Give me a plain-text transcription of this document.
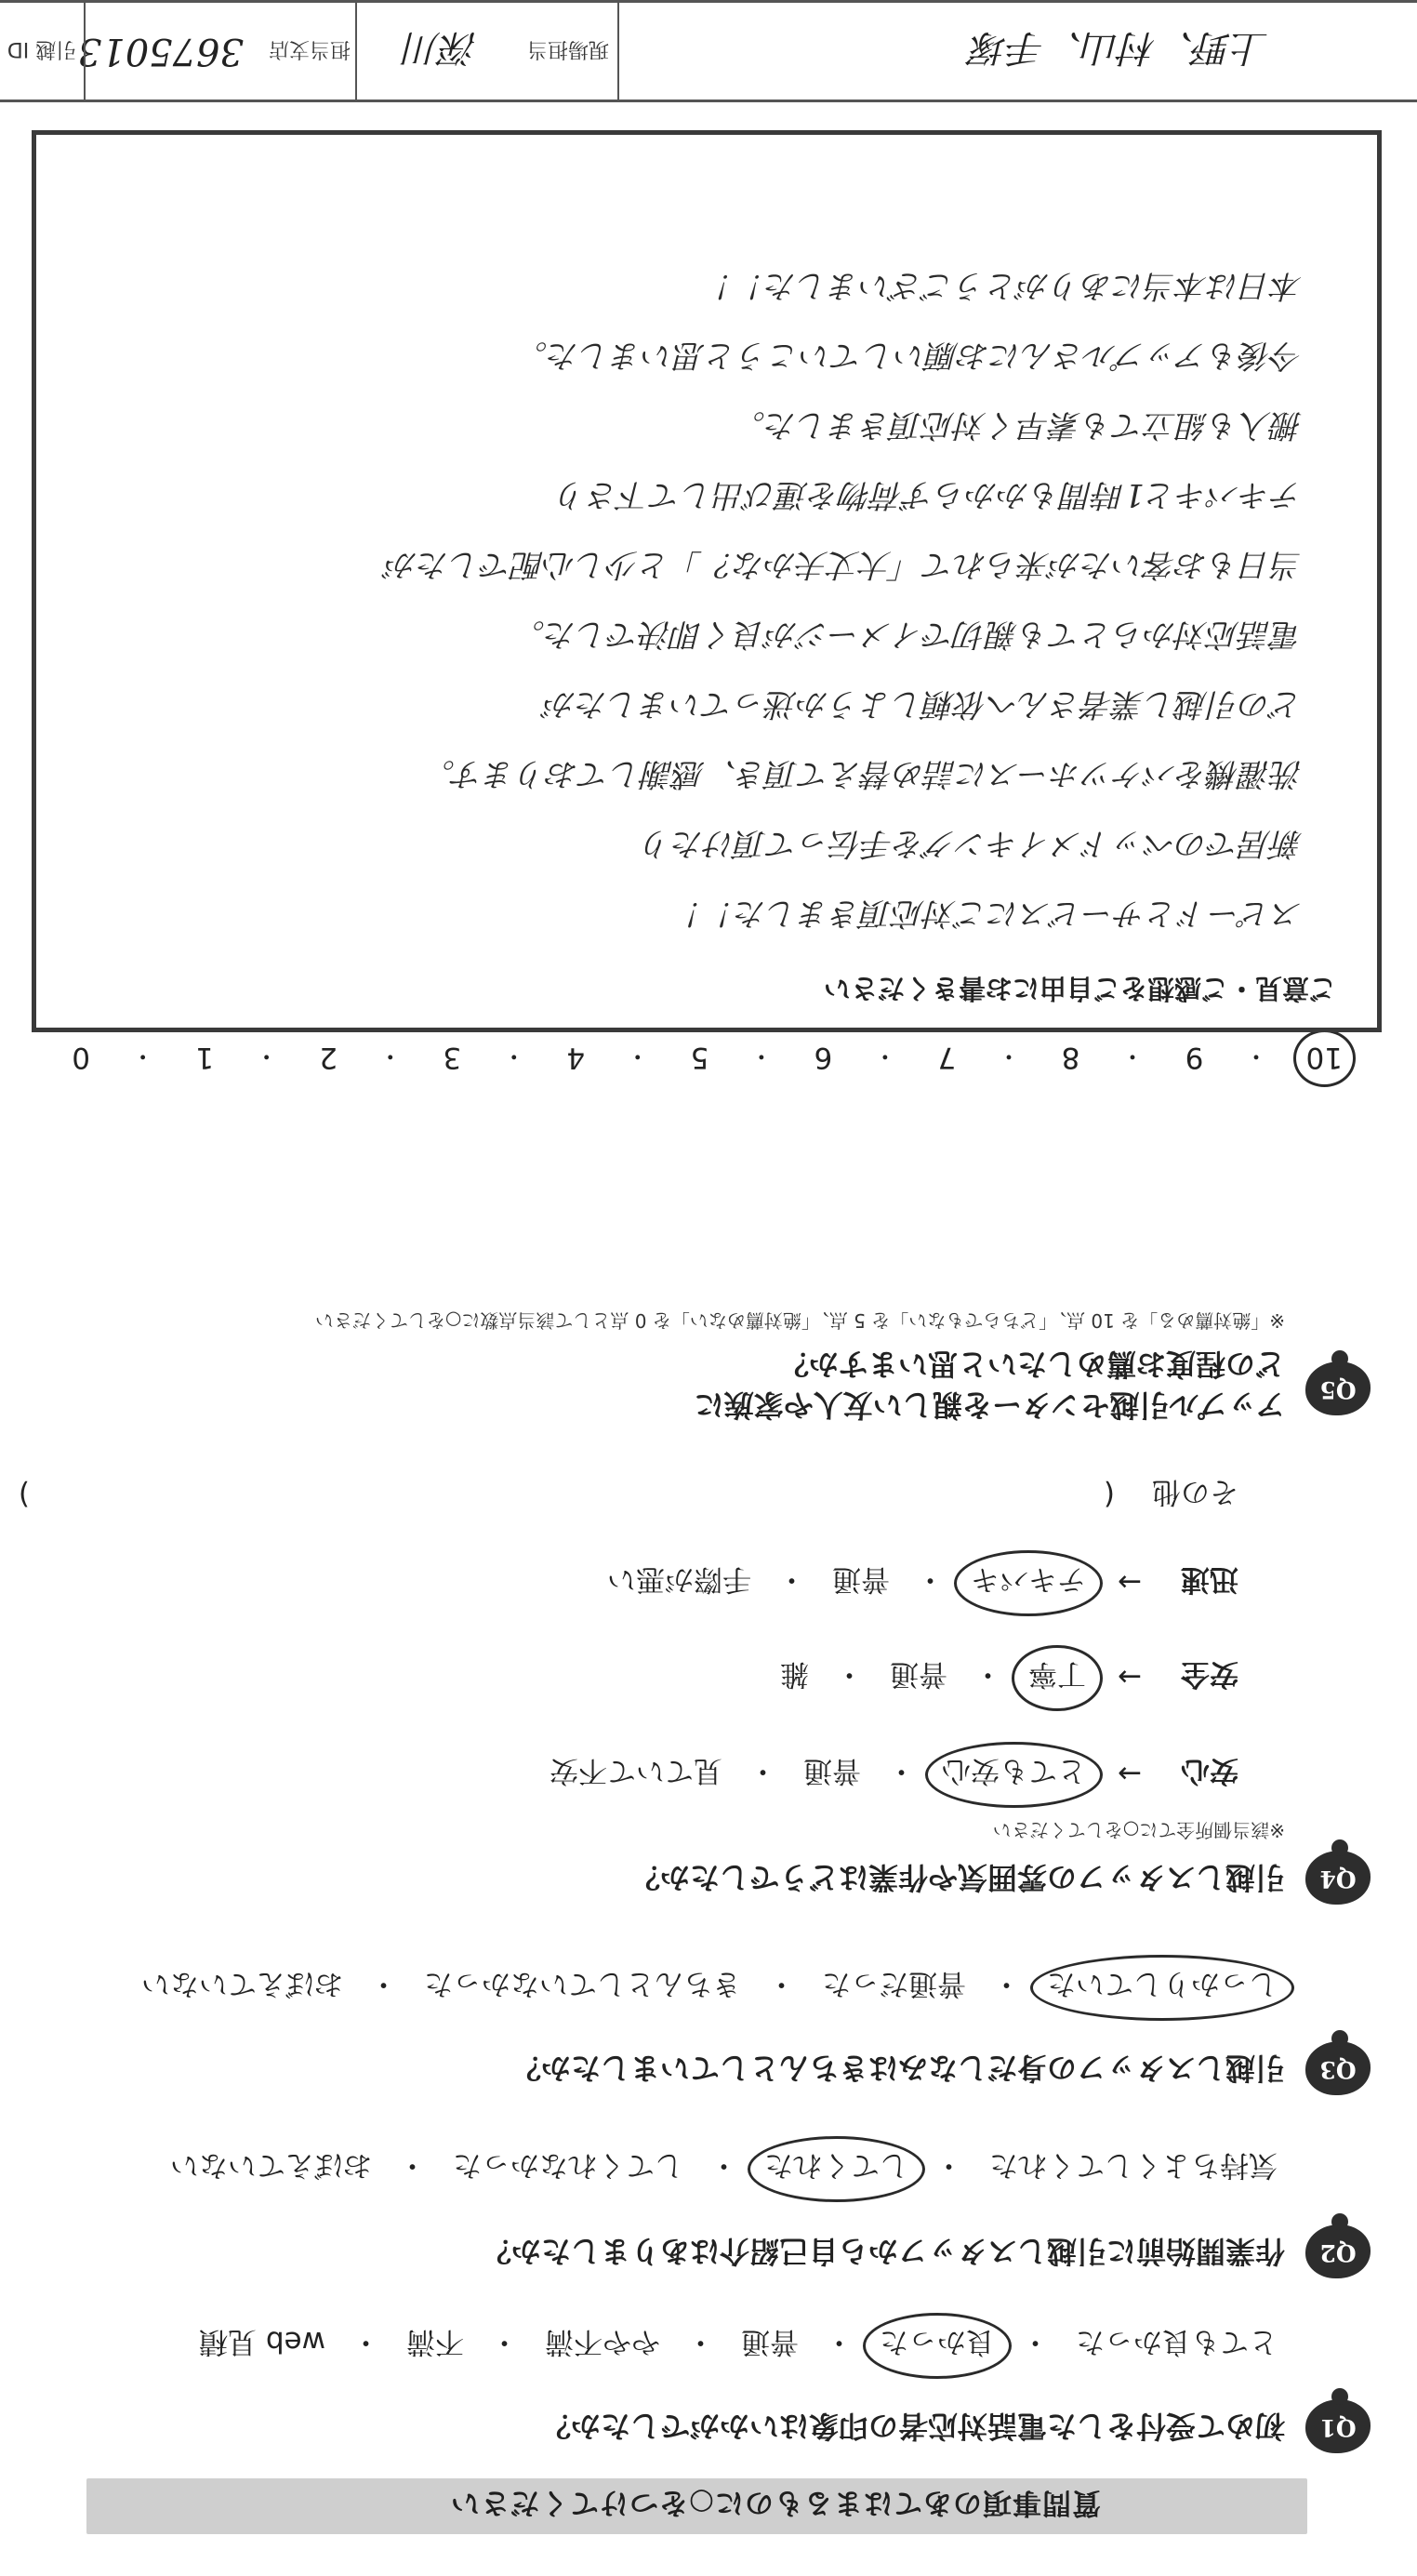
質問事項のあてはまるものに○をつけてください
Q1
初めて受付をした電話対応者の印象はいかがでしたか？
とても良かった
・
良かった
・
普通
・
やや不満
・
不満
・
web 見積
Q2
作業開始前に引越しスタッフから自己紹介はありましたか？
気持ちよくしてくれた
・
してくれた
・
してくれなかった
・
おぼえていない
Q3
引越しスタッフの身だしなみはきちんとしていましたか？
しっかりしていた
・
普通だった
・
きちんとしていなかった
・
おぼえていない
Q4
引越しスタッフの雰囲気や作業はどうでしたか？
※該当個所全てに○をしてください
安心
→
とても安心
・
普通
・
見ていて不安
安全
→
丁寧
・
普通
・
雑
迅速
→
テキパキ
・
普通
・
手際が悪い
その他
(
)
Q5
アップル引越センターを親しい友人や家族に
どの程度お薦めしたいと思いますか？
※「絶対薦める」を 10 点、「どちらでもない」を 5 点、「絶対薦めない」を 0 点として該当点数に○をしてください
10
・
9
・
8
・
7
・
6
・
5
・
4
・
3
・
2
・
1
・
0
ご意見・ご感想をご自由にお書きください
スピードとサービスにご対応頂きました！！
新居でのベッドメイキングを手伝って頂けたり
洗濯機をバケツホースに詰め替えて頂き、感謝しております。
どの引越し業者さんへ依頼しようか迷っていましたが
電話応対からとても親切でイメージが良く即決でした。
当日もお客いたが来られて「大丈夫かな？」と少し心配でしたが
テキパキと1時間もかからず荷物を運び出して下さり
搬入も組立ても素早く対応頂きました。
今後もアップルさんにお願いしていこうと思いました。
本日は本当にありがとうございました！！
上野、村山、手塚
現場担当
深川
担当支店
3675013
引越 ID
